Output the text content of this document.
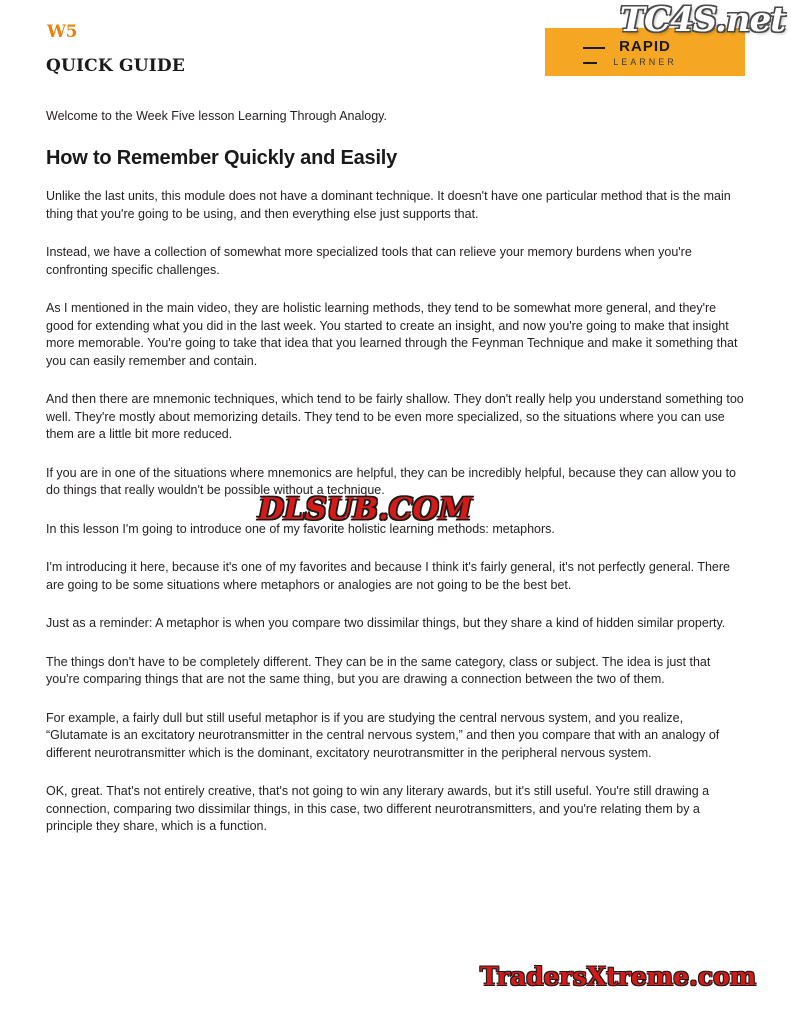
W5
QUICK GUIDE
RAPID
LEARNER
TC4S.net

Welcome to the Week Five lesson Learning Through Analogy.

How to Remember Quickly and Easily

Unlike the last units, this module does not have a dominant technique. It doesn't have one particular method that is the main thing that you're going to be using, and then everything else just supports that.

Instead, we have a collection of somewhat more specialized tools that can relieve your memory burdens when you're confronting specific challenges.

As I mentioned in the main video, they are holistic learning methods, they tend to be somewhat more general, and they're good for extending what you did in the last week. You started to create an insight, and now you're going to make that insight more memorable. You're going to take that idea that you learned through the Feynman Technique and make it something that you can easily remember and contain.

And then there are mnemonic techniques, which tend to be fairly shallow. They don't really help you understand something too well. They're mostly about memorizing details. They tend to be even more specialized, so the situations where you can use them are a little bit more reduced.

If you are in one of the situations where mnemonics are helpful, they can be incredibly helpful, because they can allow you to do things that really wouldn't be possible without a technique.

In this lesson I'm going to introduce one of my favorite holistic learning methods: metaphors.

I'm introducing it here, because it's one of my favorites and because I think it's fairly general, it's not perfectly general. There are going to be some situations where metaphors or analogies are not going to be the best bet.

Just as a reminder: A metaphor is when you compare two dissimilar things, but they share a kind of hidden similar property.

The things don't have to be completely different. They can be in the same category, class or subject. The idea is just that you're comparing things that are not the same thing, but you are drawing a connection between the two of them.

For example, a fairly dull but still useful metaphor is if you are studying the central nervous system, and you realize, “Glutamate is an excitatory neurotransmitter in the central nervous system,” and then you compare that with an analogy of different neurotransmitter which is the dominant, excitatory neurotransmitter in the peripheral nervous system.

OK, great. That's not entirely creative, that's not going to win any literary awards, but it's still useful. You're still drawing a connection, comparing two dissimilar things, in this case, two different neurotransmitters, and you're relating them by a principle they share, which is a function.

DLSUB.COM
TradersXtreme.com
